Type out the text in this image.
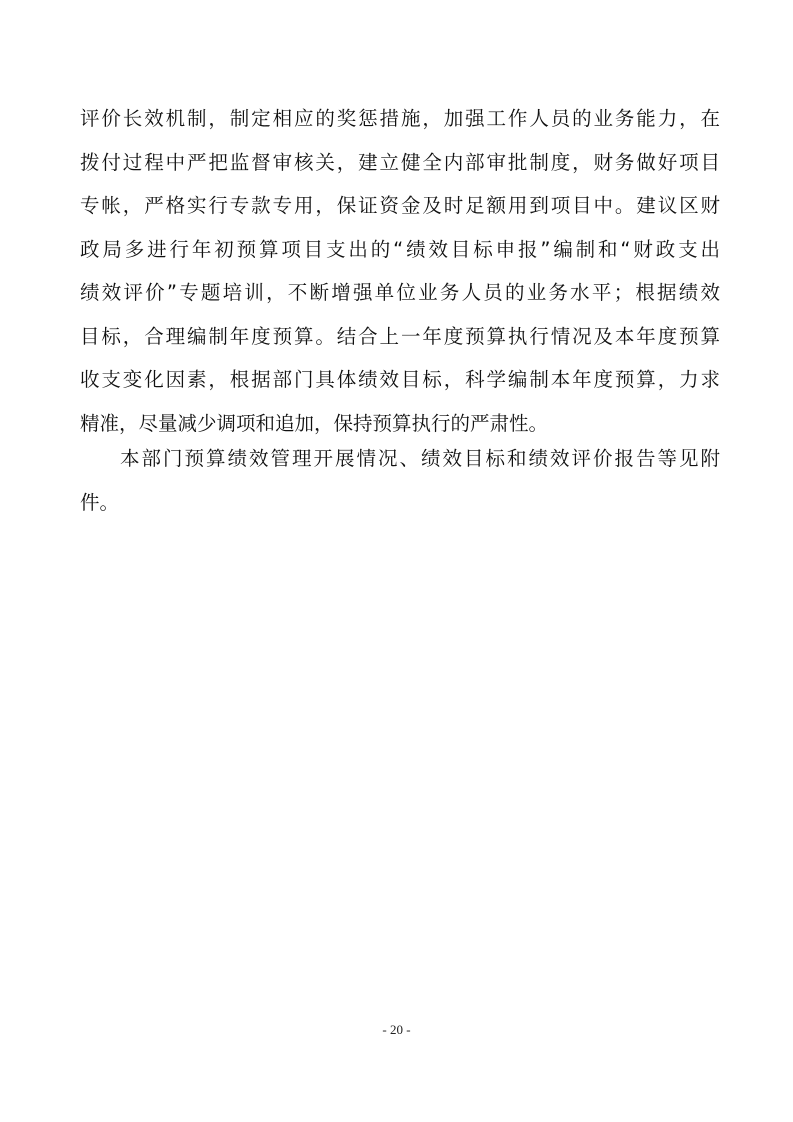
评价长效机制，制定相应的奖惩措施，加强工作人员的业务能力，在
拨付过程中严把监督审核关，建立健全内部审批制度，财务做好项目
专帐，严格实行专款专用，保证资金及时足额用到项目中。建议区财
政局多进行年初预算项目支出的“绩效目标申报”编制和“财政支出
绩效评价”专题培训，不断增强单位业务人员的业务水平；根据绩效
目标，合理编制年度预算。结合上一年度预算执行情况及本年度预算
收支变化因素，根据部门具体绩效目标，科学编制本年度预算，力求
精准，尽量减少调项和追加，保持预算执行的严肃性。
本部门预算绩效管理开展情况、绩效目标和绩效评价报告等见附
件。
- 20 -
